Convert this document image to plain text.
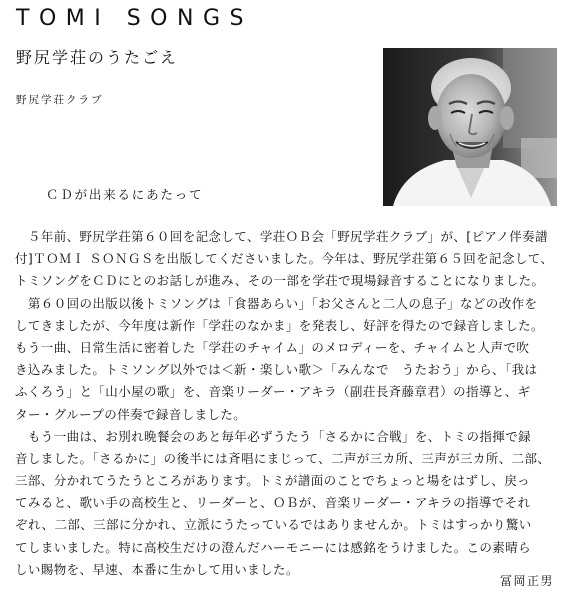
TOMI SONGS
野尻学荘のうたごえ
野尻学荘クラブ
ＣＤが出来るにあたって
　５年前、野尻学荘第６０回を記念して、学荘ＯＢ会「野尻学荘クラブ」が、[ピアノ伴奏譜
付]ＴＯＭＩ ＳＯＮＧＳを出版してくださいました。今年は、野尻学荘第６５回を記念して、
トミソングをＣＤにとのお話しが進み、その一部を学荘で現場録音することになりました。
　第６０回の出版以後トミソングは「食器あらい」「お父さんと二人の息子」などの改作を
してきましたが、今年度は新作「学荘のなかま」を発表し、好評を得たので録音しました。
もう一曲、日常生活に密着した「学荘のチャイム」のメロディーを、チャイムと人声で吹
き込みました。トミソング以外では＜新・楽しい歌＞「みんなで　うたおう」から、「我は
ふくろう」と「山小屋の歌」を、音楽リーダー・アキラ（副荘長斉藤章君）の指導と、ギ
ター・グループの伴奏で録音しました。
　もう一曲は、お別れ晩餐会のあと毎年必ずうたう「さるかに合戦」を、トミの指揮で録
音しました。「さるかに」の後半には斉唱にまじって、二声が三カ所、三声が三カ所、二部、
三部、分かれてうたうところがあります。トミが譜面のことでちょっと場をはずし、戻っ
てみると、歌い手の高校生と、リーダーと、ＯＢが、音楽リーダー・アキラの指導でそれ
ぞれ、二部、三部に分かれ、立派にうたっているではありませんか。トミはすっかり驚い
てしまいました。特に高校生だけの澄んだハーモニーには感銘をうけました。この素晴ら
しい賜物を、早速、本番に生かして用いました。
冨岡正男
